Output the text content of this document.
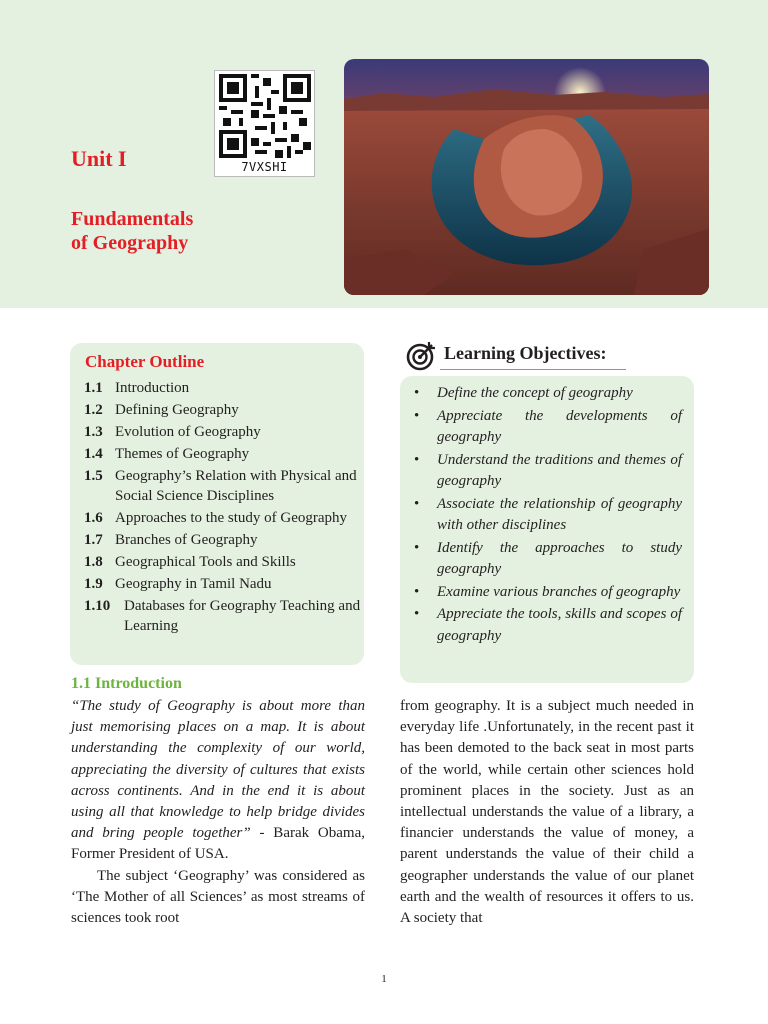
7VXSHI
Unit I
Fundamentals
of Geography
Chapter Outline
1.1 Introduction
1.2 Defining Geography
1.3 Evolution of Geography
1.4 Themes of Geography
1.5 Geography’s Relation with Physical and Social Science Disciplines
1.6 Approaches to the study of Geography
1.7 Branches of Geography
1.8 Geographical Tools and Skills
1.9 Geography in Tamil Nadu
1.10 Databases for Geography Teaching and Learning
Learning Objectives:
• Define the concept of geography
• Appreciate the developments of geography
• Understand the traditions and themes of geography
• Associate the relationship of geography with other disciplines
• Identify the approaches to study geography
• Examine various branches of geography
• Appreciate the tools, skills and scopes of geography
1.1 Introduction

“The study of Geography is about more than just memorising places on a map. It is about understanding the complexity of our world, appreciating the diversity of cultures that exists across continents. And in the end it is about using all that knowledge to help bridge divides and bring people together” - Barak Obama, Former President of USA.

The subject ‘Geography’ was considered as ‘The Mother of all Sciences’ as most streams of sciences took root

from geography. It is a subject much needed in everyday life .Unfortunately, in the recent past it has been demoted to the back seat in most parts of the world, while certain other sciences hold prominent places in the society. Just as an intellectual understands the value of a library, a financier understands the value of money, a parent understands the value of their child a geographer understands the value of our planet earth and the wealth of resources it offers to us. A society that

1
